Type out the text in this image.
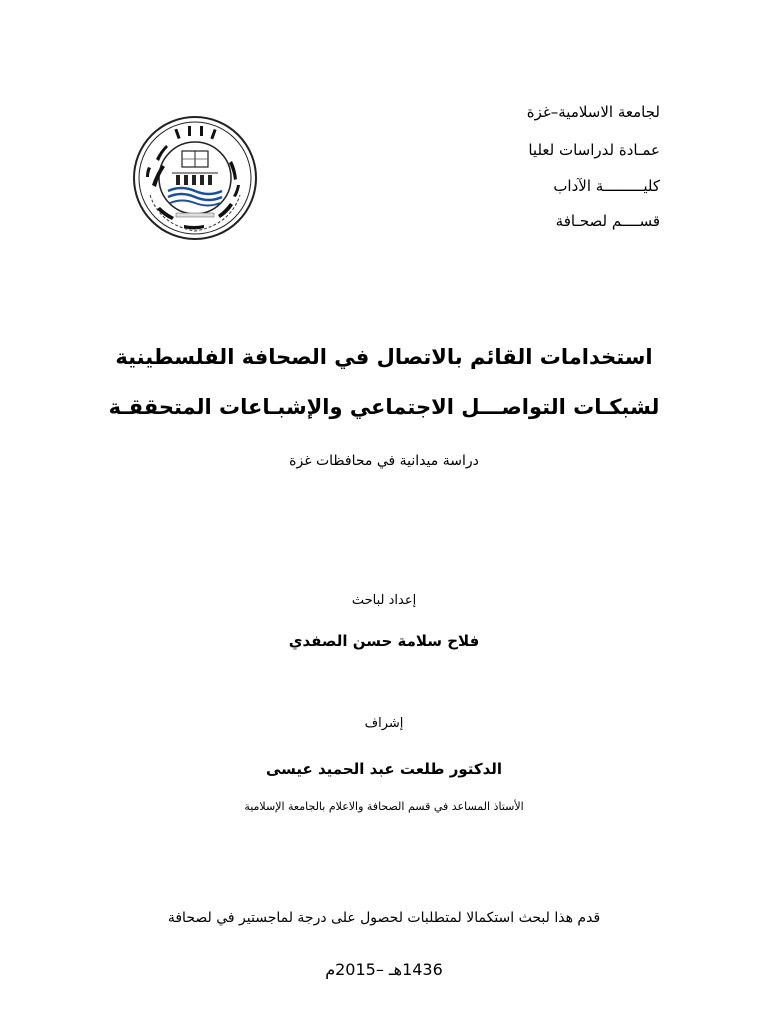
لجامعة الاسلامية–غزة
عمـادة لدراسات لعليا
كليـــــــــة الآداب
قســــم لصحـافة
استخدامات القائم بالاتصال في الصحافة الفلسطينية
لشبكـات التواصـــل الاجتماعي والإشبـاعات المتحققـة
دراسة ميدانية في محافظات غزة
إعداد لباحث
فلاح سلامة حسن الصفدي
إشراف
الدكتور طلعت عبد الحميد عيسى
الأستاذ المساعد في قسم الصحافة والاعلام بالجامعة الإسلامية
قدم هذا لبحث استكمالا لمتطلبات لحصول على درجة لماجستير في لصحافة
1436هـ –2015م
